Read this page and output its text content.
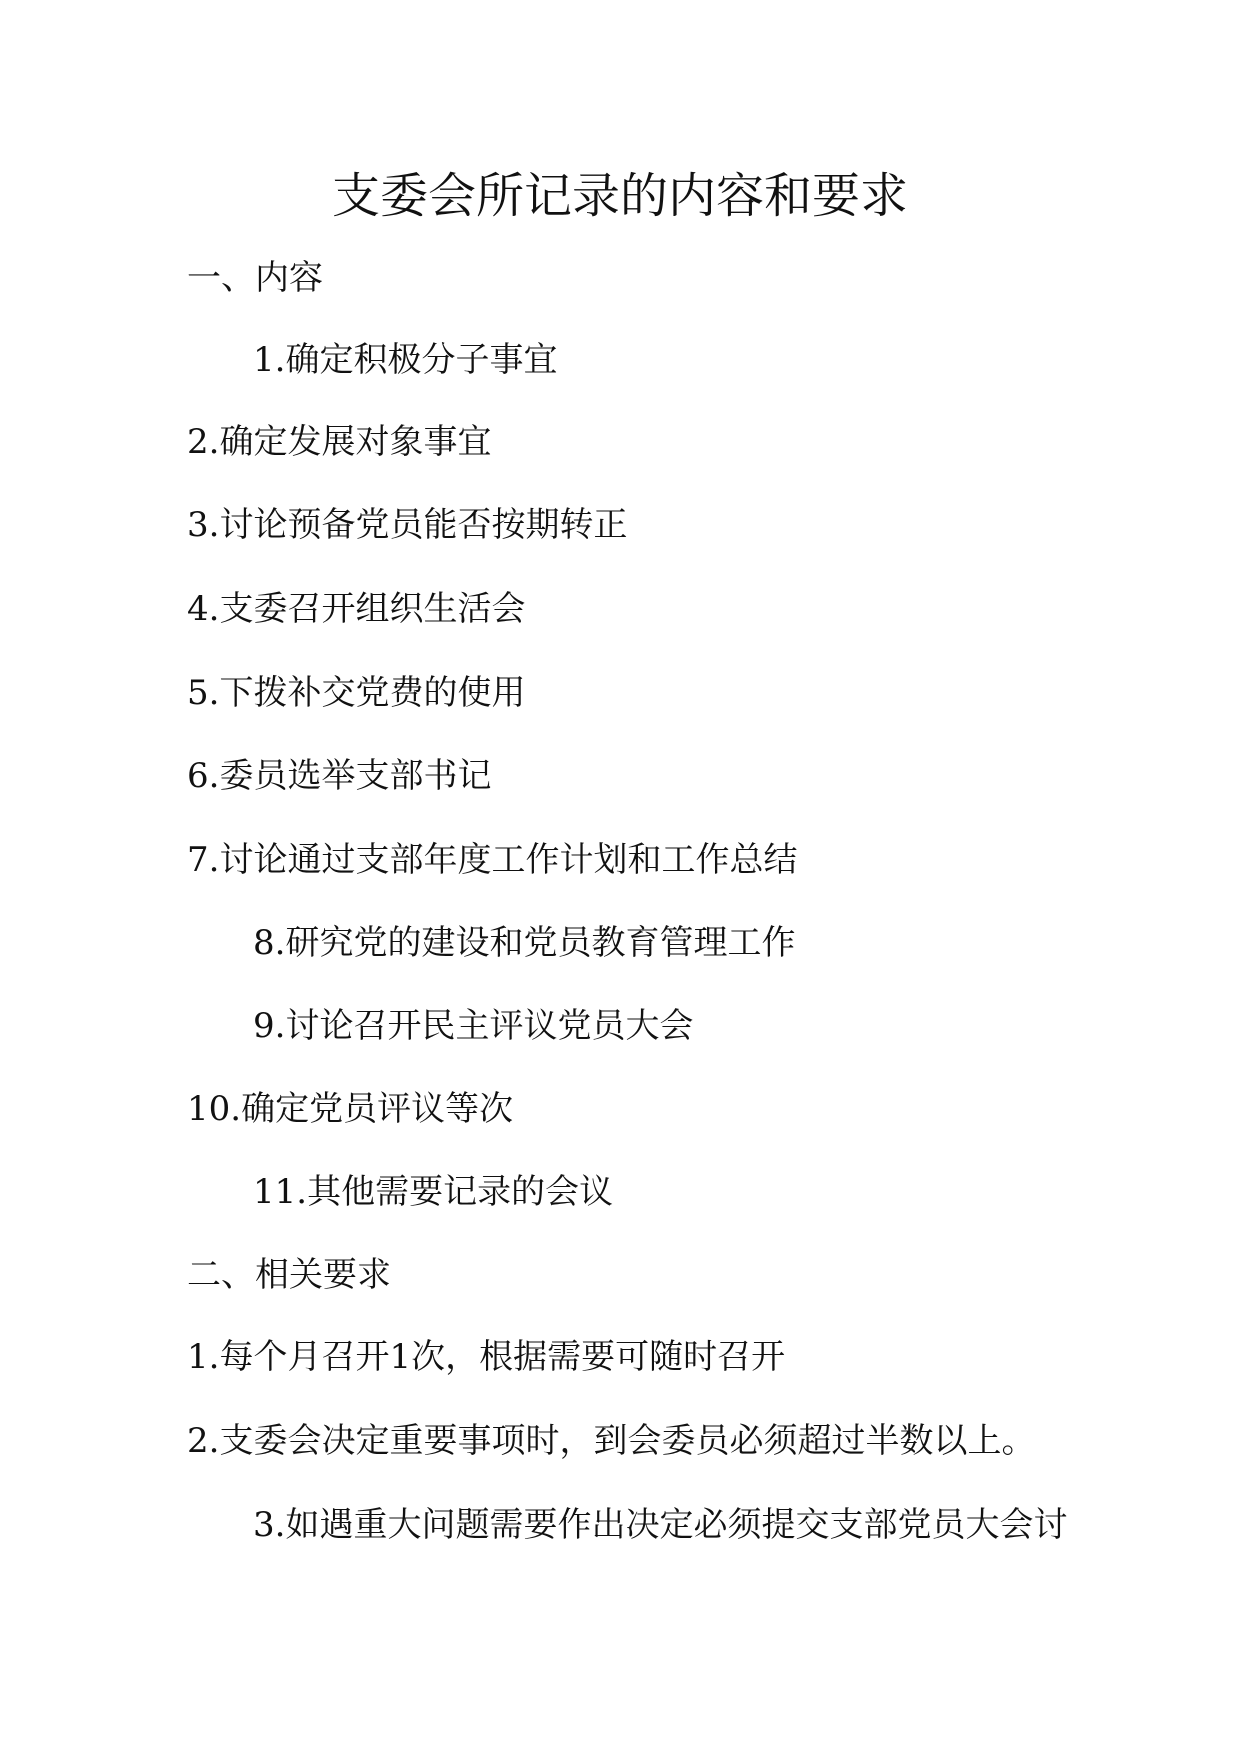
支委会所记录的内容和要求
一、内容
1.确定积极分子事宜
2.确定发展对象事宜
3.讨论预备党员能否按期转正
4.支委召开组织生活会
5.下拨补交党费的使用
6.委员选举支部书记
7.讨论通过支部年度工作计划和工作总结
8.研究党的建设和党员教育管理工作
9.讨论召开民主评议党员大会
10.确定党员评议等次
11.其他需要记录的会议
二、相关要求
1.每个月召开1次，根据需要可随时召开
2.支委会决定重要事项时，到会委员必须超过半数以上。
3.如遇重大问题需要作出决定必须提交支部党员大会讨
